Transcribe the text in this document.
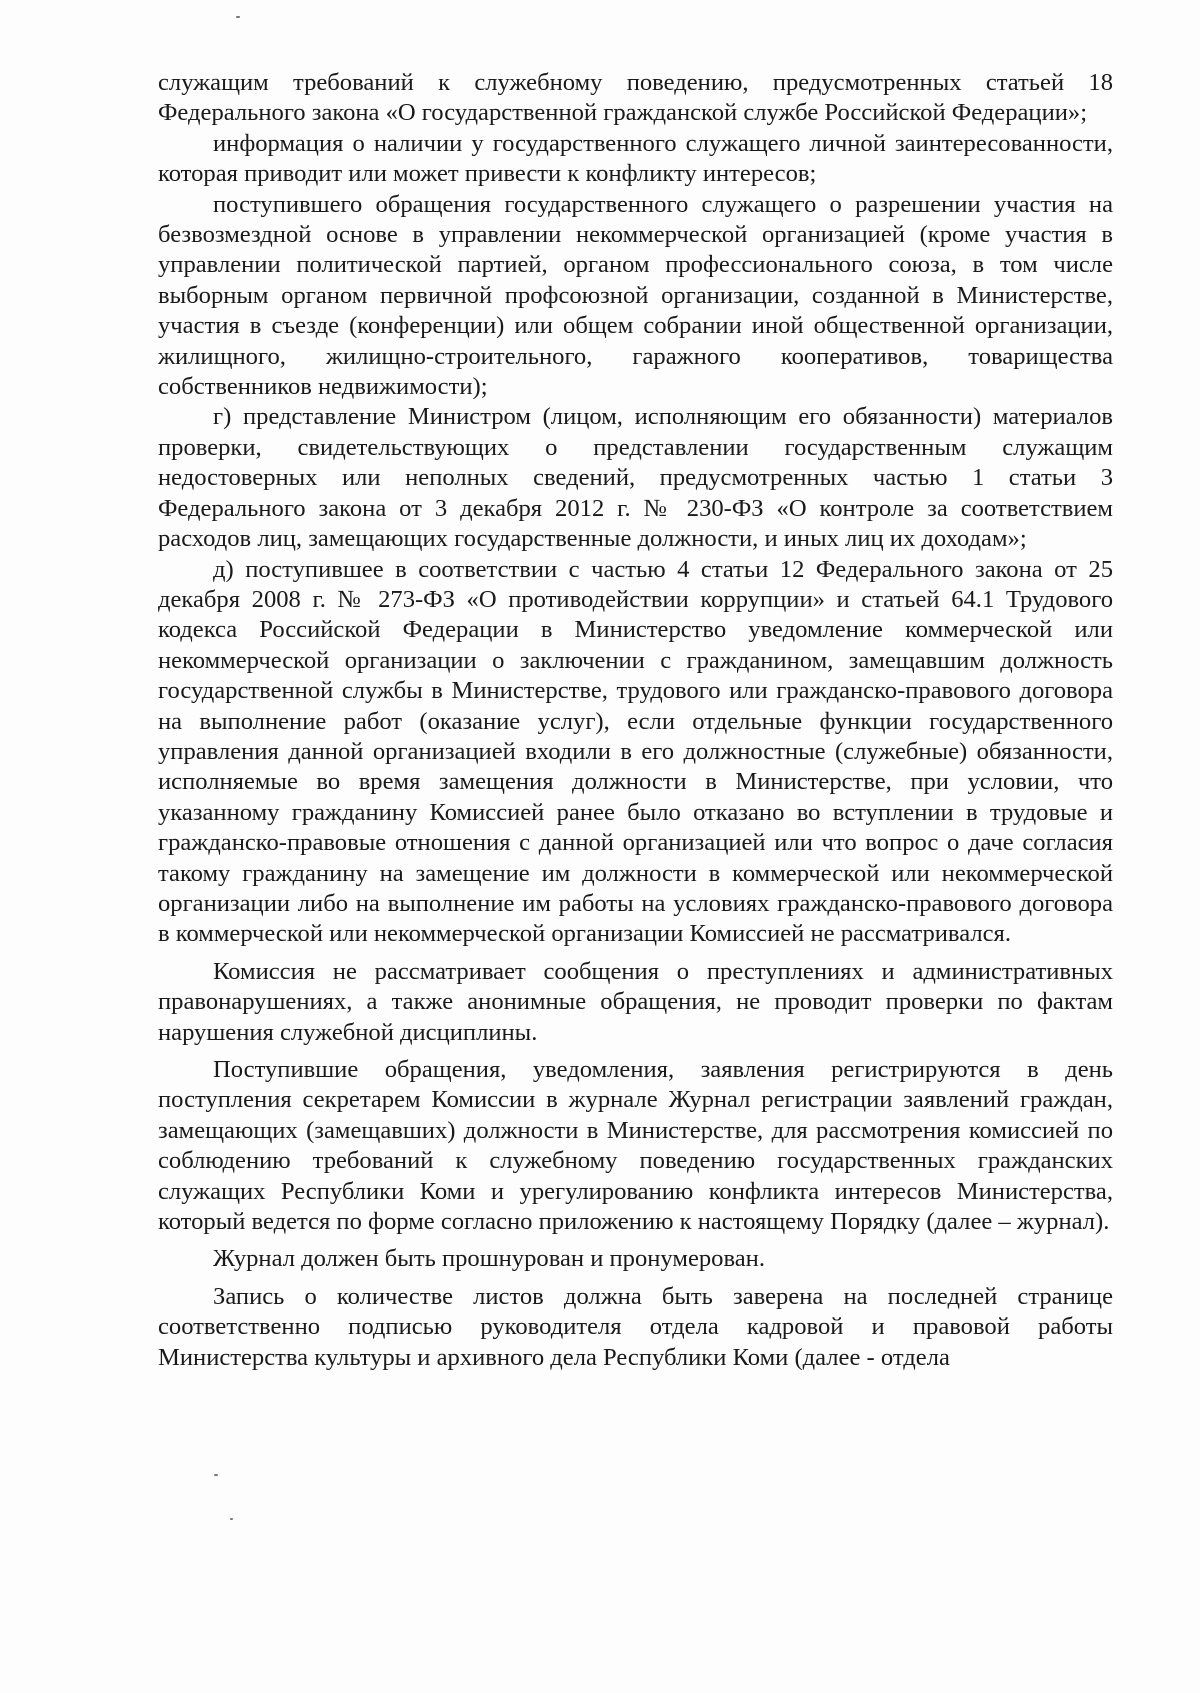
служащим требований к служебному поведению, предусмотренных статьей 18 Федерального закона «О государственной гражданской службе Российской Федерации»;

информация о наличии у государственного служащего личной заинтересованности, которая приводит или может привести к конфликту интересов;

поступившего обращения государственного служащего о разрешении участия на безвозмездной основе в управлении некоммерческой организацией (кроме участия в управлении политической партией, органом профессионального союза, в том числе выборным органом первичной профсоюзной организации, созданной в Министерстве, участия в съезде (конференции) или общем собрании иной общественной организации, жилищного, жилищно-строительного, гаражного кооперативов, товарищества собственников недвижимости);

г) представление Министром (лицом, исполняющим его обязанности) материалов проверки, свидетельствующих о представлении государственным служащим недостоверных или неполных сведений, предусмотренных частью 1 статьи 3 Федерального закона от 3 декабря 2012 г. № 230-ФЗ «О контроле за соответствием расходов лиц, замещающих государственные должности, и иных лиц их доходам»;

д) поступившее в соответствии с частью 4 статьи 12 Федерального закона от 25 декабря 2008 г. № 273-ФЗ «О противодействии коррупции» и статьей 64.1 Трудового кодекса Российской Федерации в Министерство уведомление коммерческой или некоммерческой организации о заключении с гражданином, замещавшим должность государственной службы в Министерстве, трудового или гражданско-правового договора на выполнение работ (оказание услуг), если отдельные функции государственного управления данной организацией входили в его должностные (служебные) обязанности, исполняемые во время замещения должности в Министерстве, при условии, что указанному гражданину Комиссией ранее было отказано во вступлении в трудовые и гражданско-правовые отношения с данной организацией или что вопрос о даче согласия такому гражданину на замещение им должности в коммерческой или некоммерческой организации либо на выполнение им работы на условиях гражданско-правового договора в коммерческой или некоммерческой организации Комиссией не рассматривался.

Комиссия не рассматривает сообщения о преступлениях и административных правонарушениях, а также анонимные обращения, не проводит проверки по фактам нарушения служебной дисциплины.

Поступившие обращения, уведомления, заявления регистрируются в день поступления секретарем Комиссии в журнале Журнал регистрации заявлений граждан, замещающих (замещавших) должности в Министерстве, для рассмотрения комиссией по соблюдению требований к служебному поведению государственных гражданских служащих Республики Коми и урегулированию конфликта интересов Министерства, который ведется по форме согласно приложению к настоящему Порядку (далее – журнал).

Журнал должен быть прошнурован и пронумерован.

Запись о количестве листов должна быть заверена на последней странице соответственно подписью руководителя отдела кадровой и правовой работы Министерства культуры и архивного дела Республики Коми (далее - отдела
